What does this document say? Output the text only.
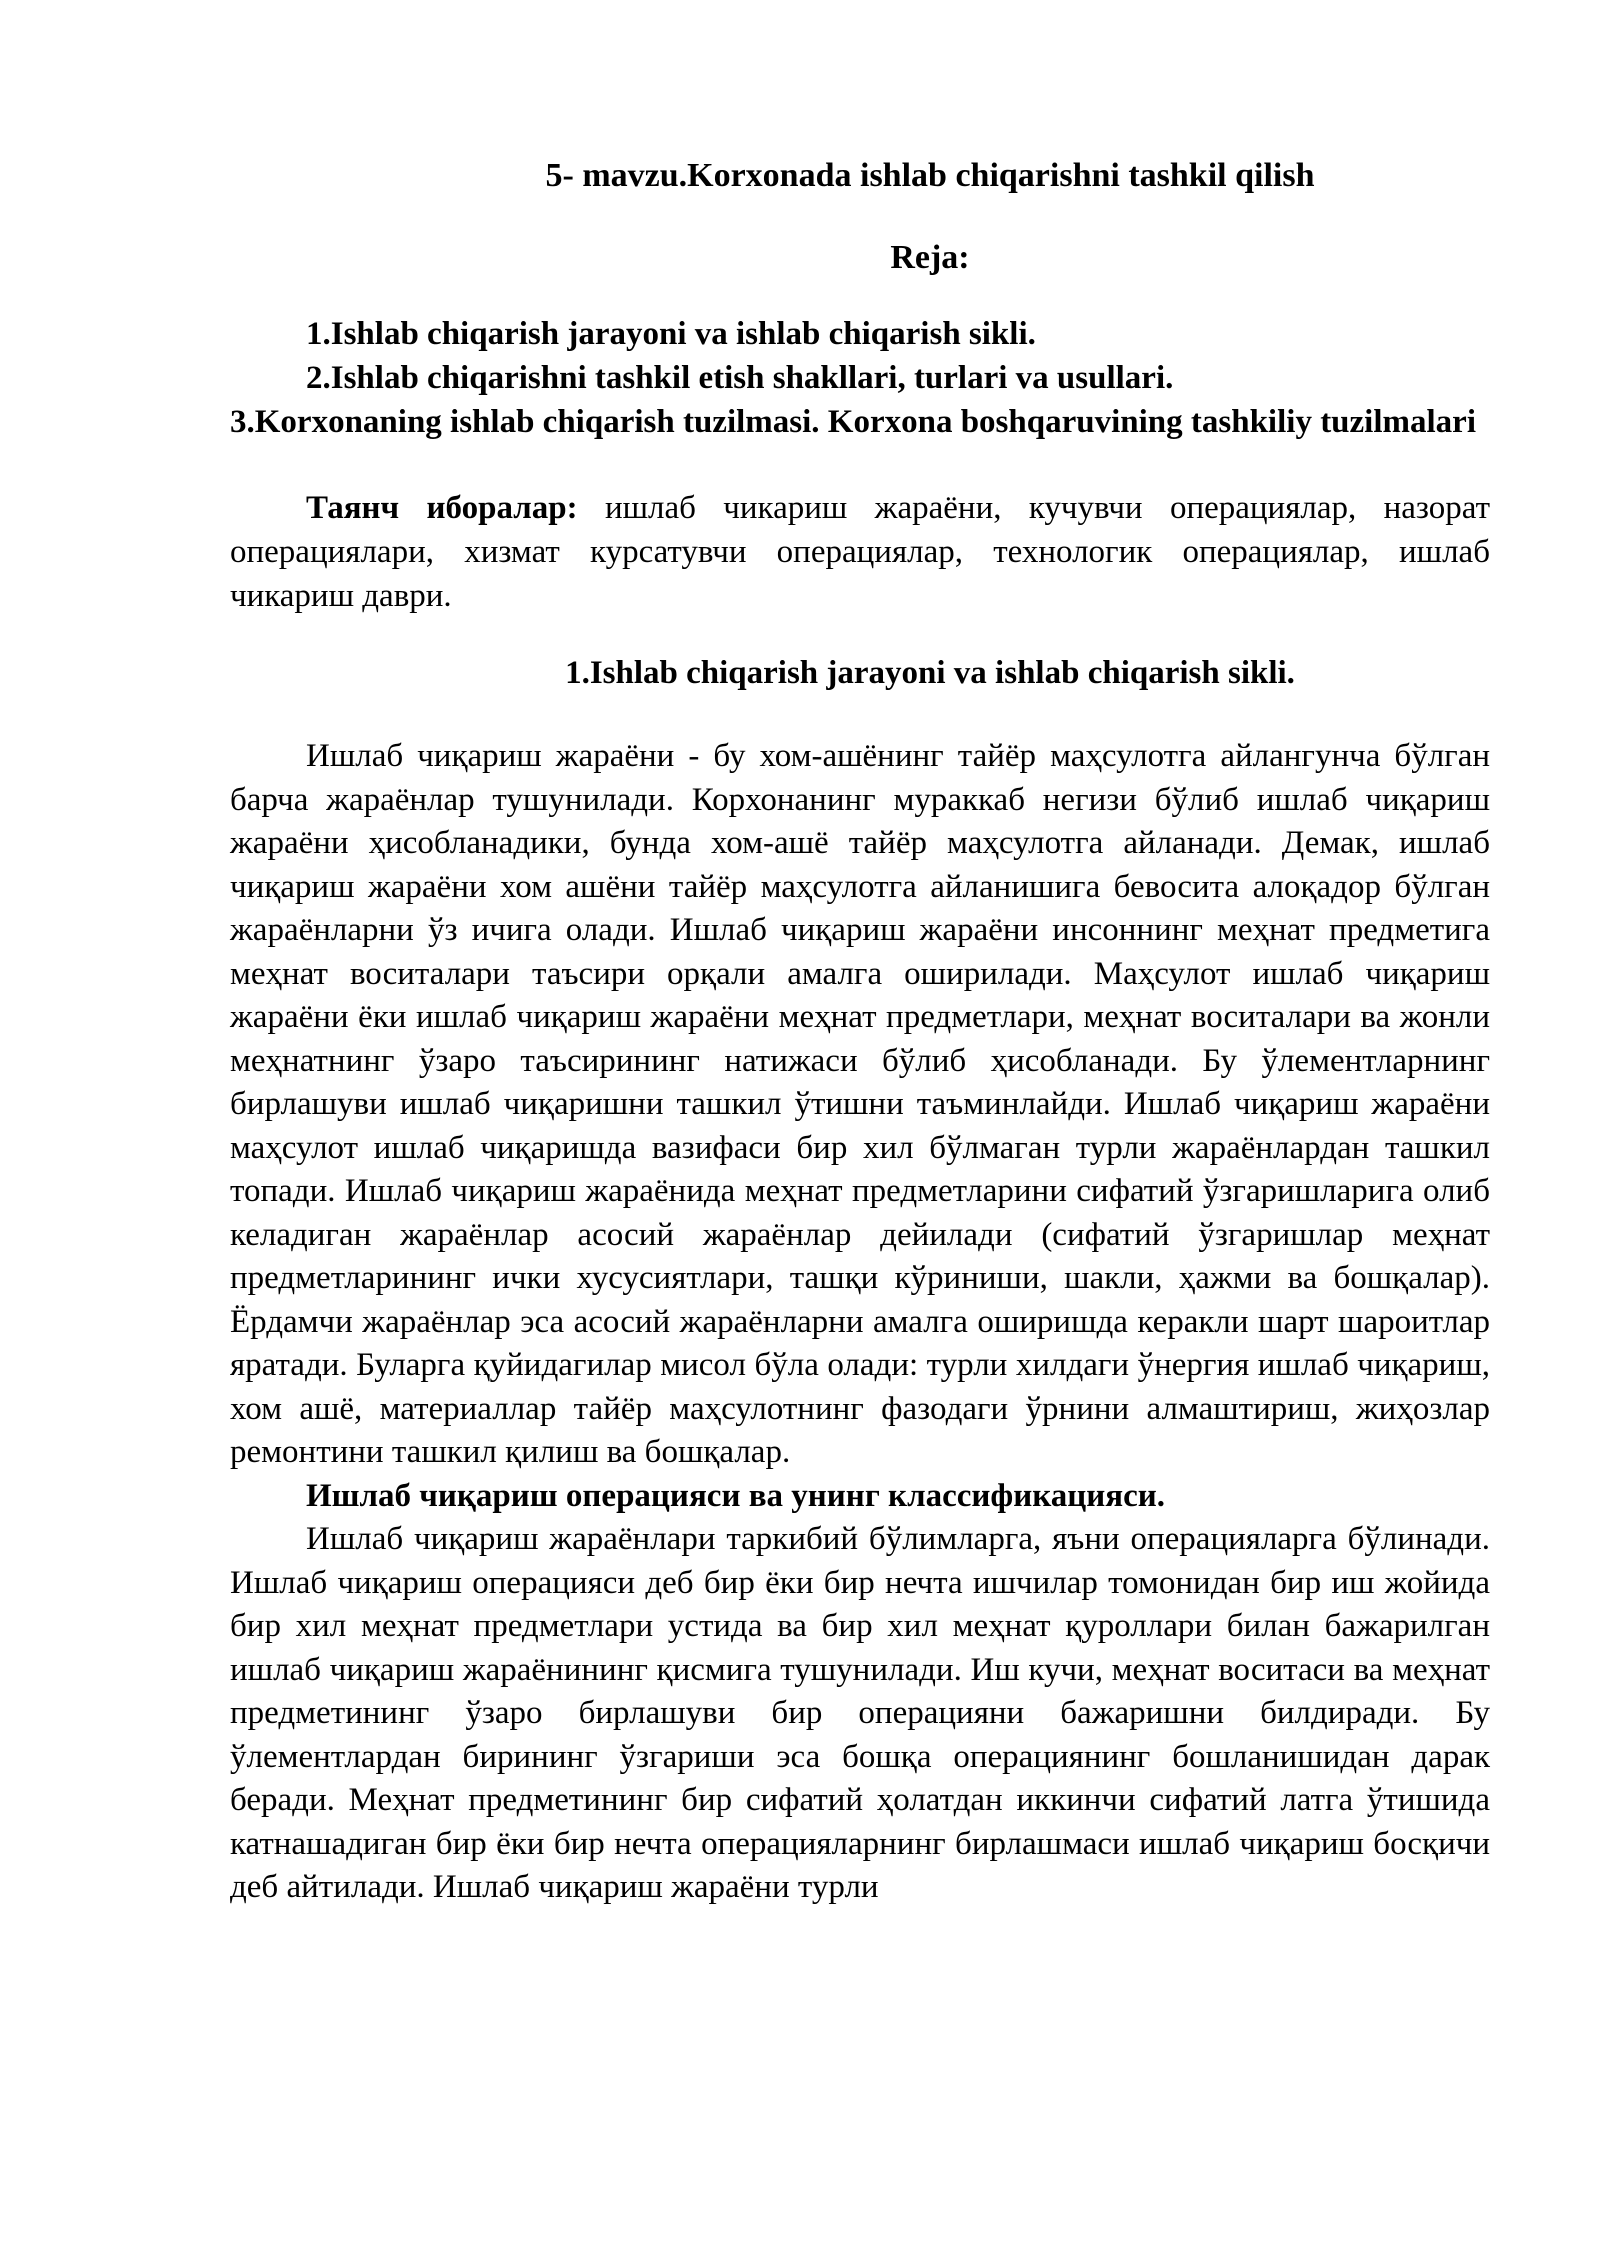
5- mavzu.Korxonada ishlab chiqarishni tashkil qilish
Reja:
1.Ishlab chiqarish jarayoni va ishlab chiqarish sikli.
2.Ishlab chiqarishni tashkil etish shakllari, turlari va usullari.
3.Korxonaning ishlab chiqarish tuzilmasi. Korxona boshqaruvining tashkiliy tuzilmalari

Таянч иборалар: ишлаб чикариш жараёни, кучувчи операциялар, назорат операциялари, хизмат курсатувчи операциялар, технологик операциялар, ишлаб чикариш даври.

1.Ishlab chiqarish jarayoni va ishlab chiqarish sikli.

Ишлаб чиқариш жараёни - бу хом-ашёнинг тайёр маҳсулотга айлангунча бўлган барча жараёнлар тушунилади. Корхонанинг мураккаб негизи бўлиб ишлаб чиқариш жараёни ҳисобланадики, бунда хом-ашё тайёр маҳсулотга айланади. Демак, ишлаб чиқариш жараёни хом ашёни тайёр маҳсулотга айланишига бевосита алоқадор бўлган жараёнларни ўз ичига олади. Ишлаб чиқариш жараёни инсоннинг меҳнат предметига меҳнат воситалари таъсири орқали амалга оширилади. Маҳсулот ишлаб чиқариш жараёни ёки ишлаб чиқариш жараёни меҳнат предметлари, меҳнат воситалари ва жонли меҳнатнинг ўзаро таъсирининг натижаси бўлиб ҳисобланади. Бу ўлементларнинг бирлашуви ишлаб чиқаришни ташкил ўтишни таъминлайди. Ишлаб чиқариш жараёни маҳсулот ишлаб чиқаришда вазифаси бир хил бўлмаган турли жараёнлардан ташкил топади. Ишлаб чиқариш жараёнида меҳнат предметларини сифатий ўзгаришларига олиб келадиган жараёнлар асосий жараёнлар дейилади (сифатий ўзгаришлар меҳнат предметларининг ички хусусиятлари, ташқи кўриниши, шакли, ҳажми ва бошқалар). Ёрдамчи жараёнлар эса асосий жараёнларни амалга оширишда керакли шарт шароитлар яратади. Буларга қуйидагилар мисол бўла олади: турли хилдаги ўнергия ишлаб чиқариш, хом ашё, материаллар тайёр маҳсулотнинг фазодаги ўрнини алмаштириш, жиҳозлар ремонтини ташкил қилиш ва бошқалар.

Ишлаб чиқариш операцияси ва унинг классификацияси.

Ишлаб чиқариш жараёнлари таркибий бўлимларга, яъни операцияларга бўлинади. Ишлаб чиқариш операцияси деб бир ёки бир нечта ишчилар томонидан бир иш жойида бир хил меҳнат предметлари устида ва бир хил меҳнат қуроллари билан бажарилган ишлаб чиқариш жараёнининг қисмига тушунилади. Иш кучи, меҳнат воситаси ва меҳнат предметининг ўзаро бирлашуви бир операцияни бажаришни билдиради. Бу ўлементлардан бирининг ўзгариши эса бошқа операциянинг бошланишидан дарак беради. Меҳнат предметининг бир сифатий ҳолатдан иккинчи сифатий латга ўтишида катнашадиган бир ёки бир нечта операцияларнинг бирлашмаси ишлаб чиқариш босқичи деб айтилади. Ишлаб чиқариш жараёни турли
